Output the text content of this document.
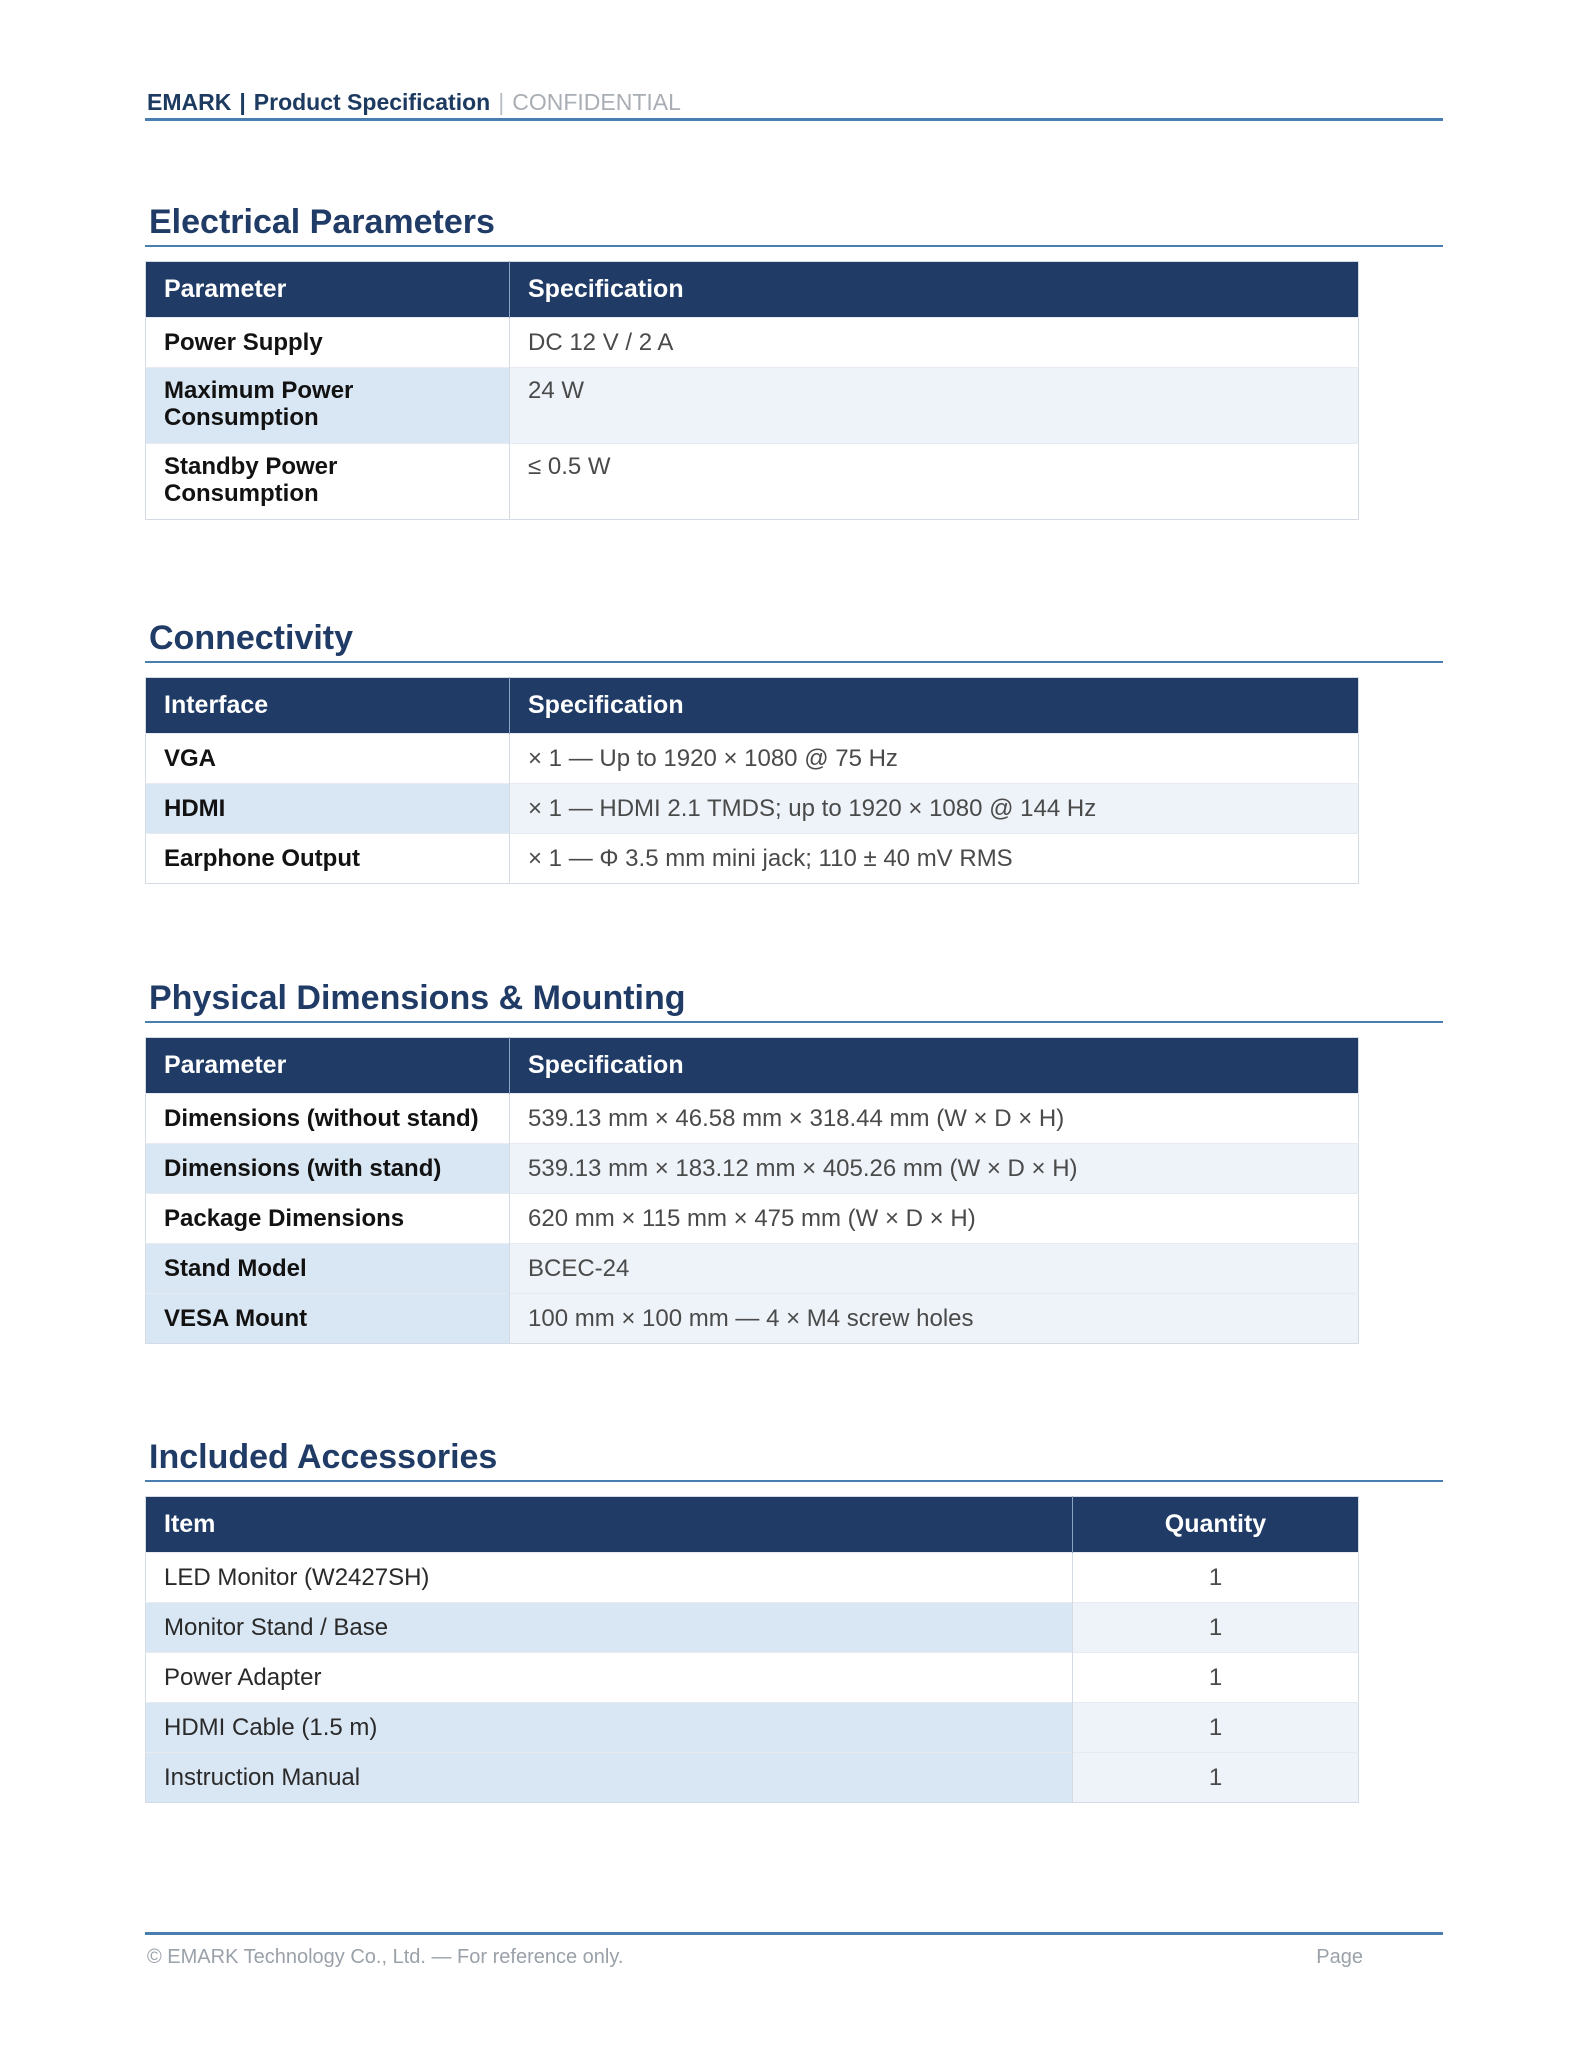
EMARK | Product Specification | CONFIDENTIAL
Electrical Parameters
Parameter	Specification
Power Supply	DC 12 V / 2 A
Maximum Power Consumption	24 W
Standby Power Consumption	≤ 0.5 W
Connectivity
Interface	Specification
VGA	× 1 — Up to 1920 × 1080 @ 75 Hz
HDMI	× 1 — HDMI 2.1 TMDS; up to 1920 × 1080 @ 144 Hz
Earphone Output	× 1 — Φ 3.5 mm mini jack; 110 ± 40 mV RMS
Physical Dimensions & Mounting
Parameter	Specification
Dimensions (without stand)	539.13 mm × 46.58 mm × 318.44 mm (W × D × H)
Dimensions (with stand)	539.13 mm × 183.12 mm × 405.26 mm (W × D × H)
Package Dimensions	620 mm × 115 mm × 475 mm (W × D × H)
Stand Model	BCEC-24
VESA Mount	100 mm × 100 mm — 4 × M4 screw holes
Included Accessories
Item	Quantity
LED Monitor (W2427SH)	1
Monitor Stand / Base	1
Power Adapter	1
HDMI Cable (1.5 m)	1
Instruction Manual	1
© EMARK Technology Co., Ltd. — For reference only.	Page
